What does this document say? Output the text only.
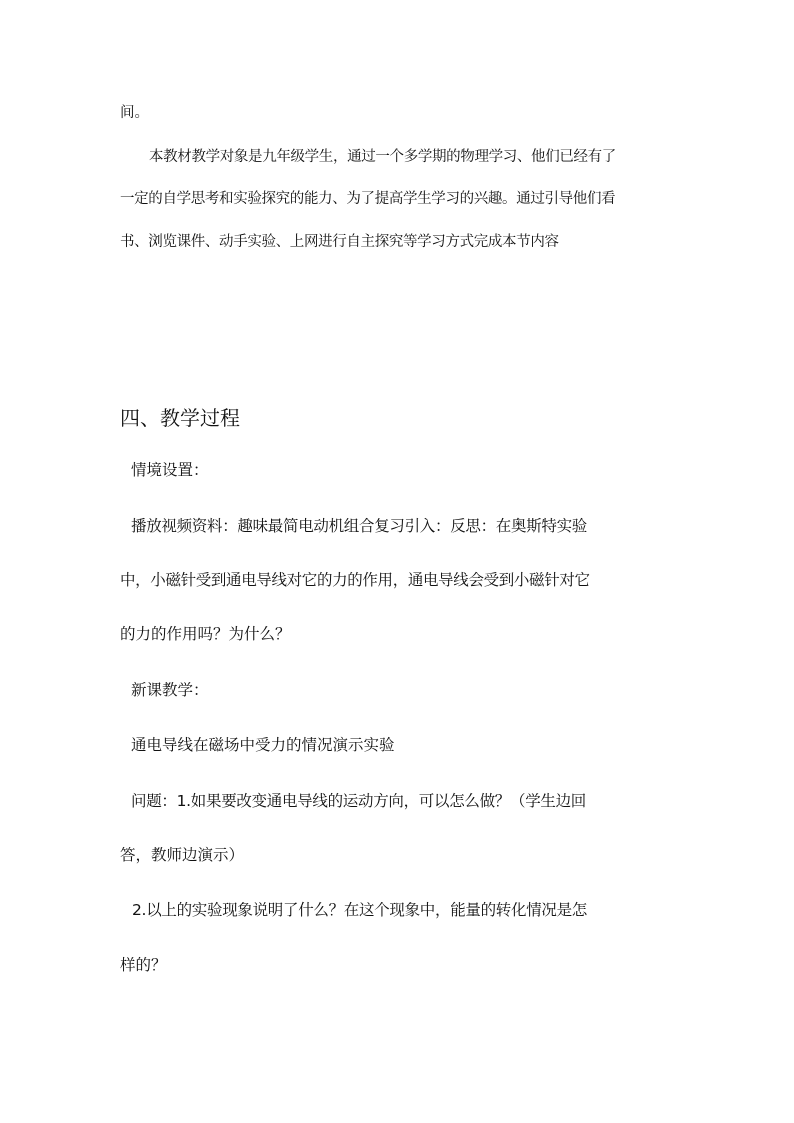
间。

本教材教学对象是九年级学生，通过一个多学期的物理学习、他们已经有了

一定的自学思考和实验探究的能力、为了提高学生学习的兴趣。通过引导他们看

书、浏览课件、动手实验、上网进行自主探究等学习方式完成本节内容

四、教学过程

情境设置：

播放视频资料：趣味最简电动机组合复习引入：反思：在奥斯特实验

中，小磁针受到通电导线对它的力的作用，通电导线会受到小磁针对它

的力的作用吗？为什么？

新课教学：

通电导线在磁场中受力的情况演示实验

问题：1.如果要改变通电导线的运动方向，可以怎么做？（学生边回

答，教师边演示）

2.以上的实验现象说明了什么？在这个现象中，能量的转化情况是怎

样的？
